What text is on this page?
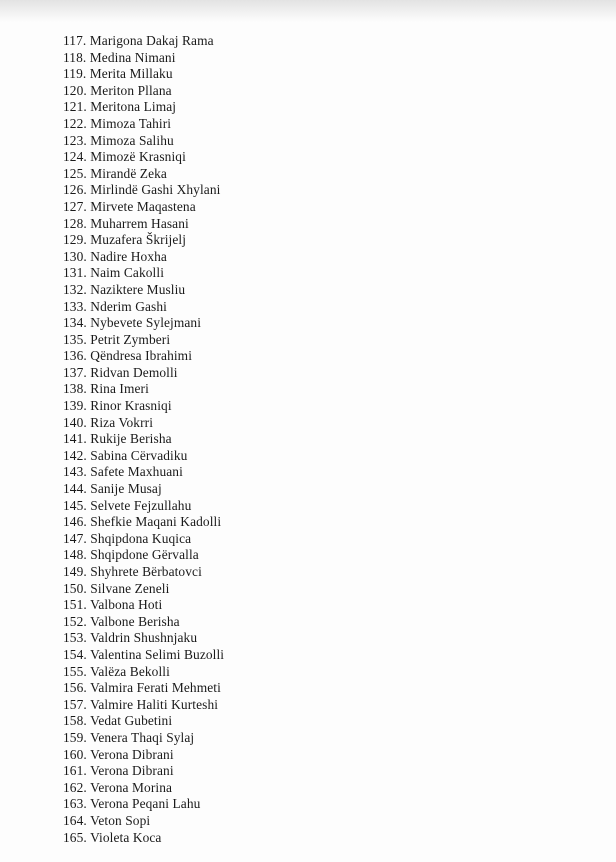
117. Marigona Dakaj Rama
118. Medina Nimani
119. Merita Millaku
120. Meriton Pllana
121. Meritona Limaj
122. Mimoza Tahiri
123. Mimoza Salihu
124. Mimozë Krasniqi
125. Mirandë Zeka
126. Mirlindë Gashi Xhylani
127. Mirvete Maqastena
128. Muharrem Hasani
129. Muzafera Škrijelj
130. Nadire Hoxha
131. Naim Cakolli
132. Naziktere Musliu
133. Nderim Gashi
134. Nybevete Sylejmani
135. Petrit Zymberi
136. Qëndresa Ibrahimi
137. Ridvan Demolli
138. Rina Imeri
139. Rinor Krasniqi
140. Riza Vokrri
141. Rukije Berisha
142. Sabina Cërvadiku
143. Safete Maxhuani
144. Sanije Musaj
145. Selvete Fejzullahu
146. Shefkie Maqani Kadolli
147. Shqipdona Kuqica
148. Shqipdone Gërvalla
149. Shyhrete Bërbatovci
150. Silvane Zeneli
151. Valbona Hoti
152. Valbone Berisha
153. Valdrin Shushnjaku
154. Valentina Selimi Buzolli
155. Valëza Bekolli
156. Valmira Ferati Mehmeti
157. Valmire Haliti Kurteshi
158. Vedat Gubetini
159. Venera Thaqi Sylaj
160. Verona Dibrani
161. Verona Dibrani
162. Verona Morina
163. Verona Peqani Lahu
164. Veton Sopi
165. Violeta Koca
